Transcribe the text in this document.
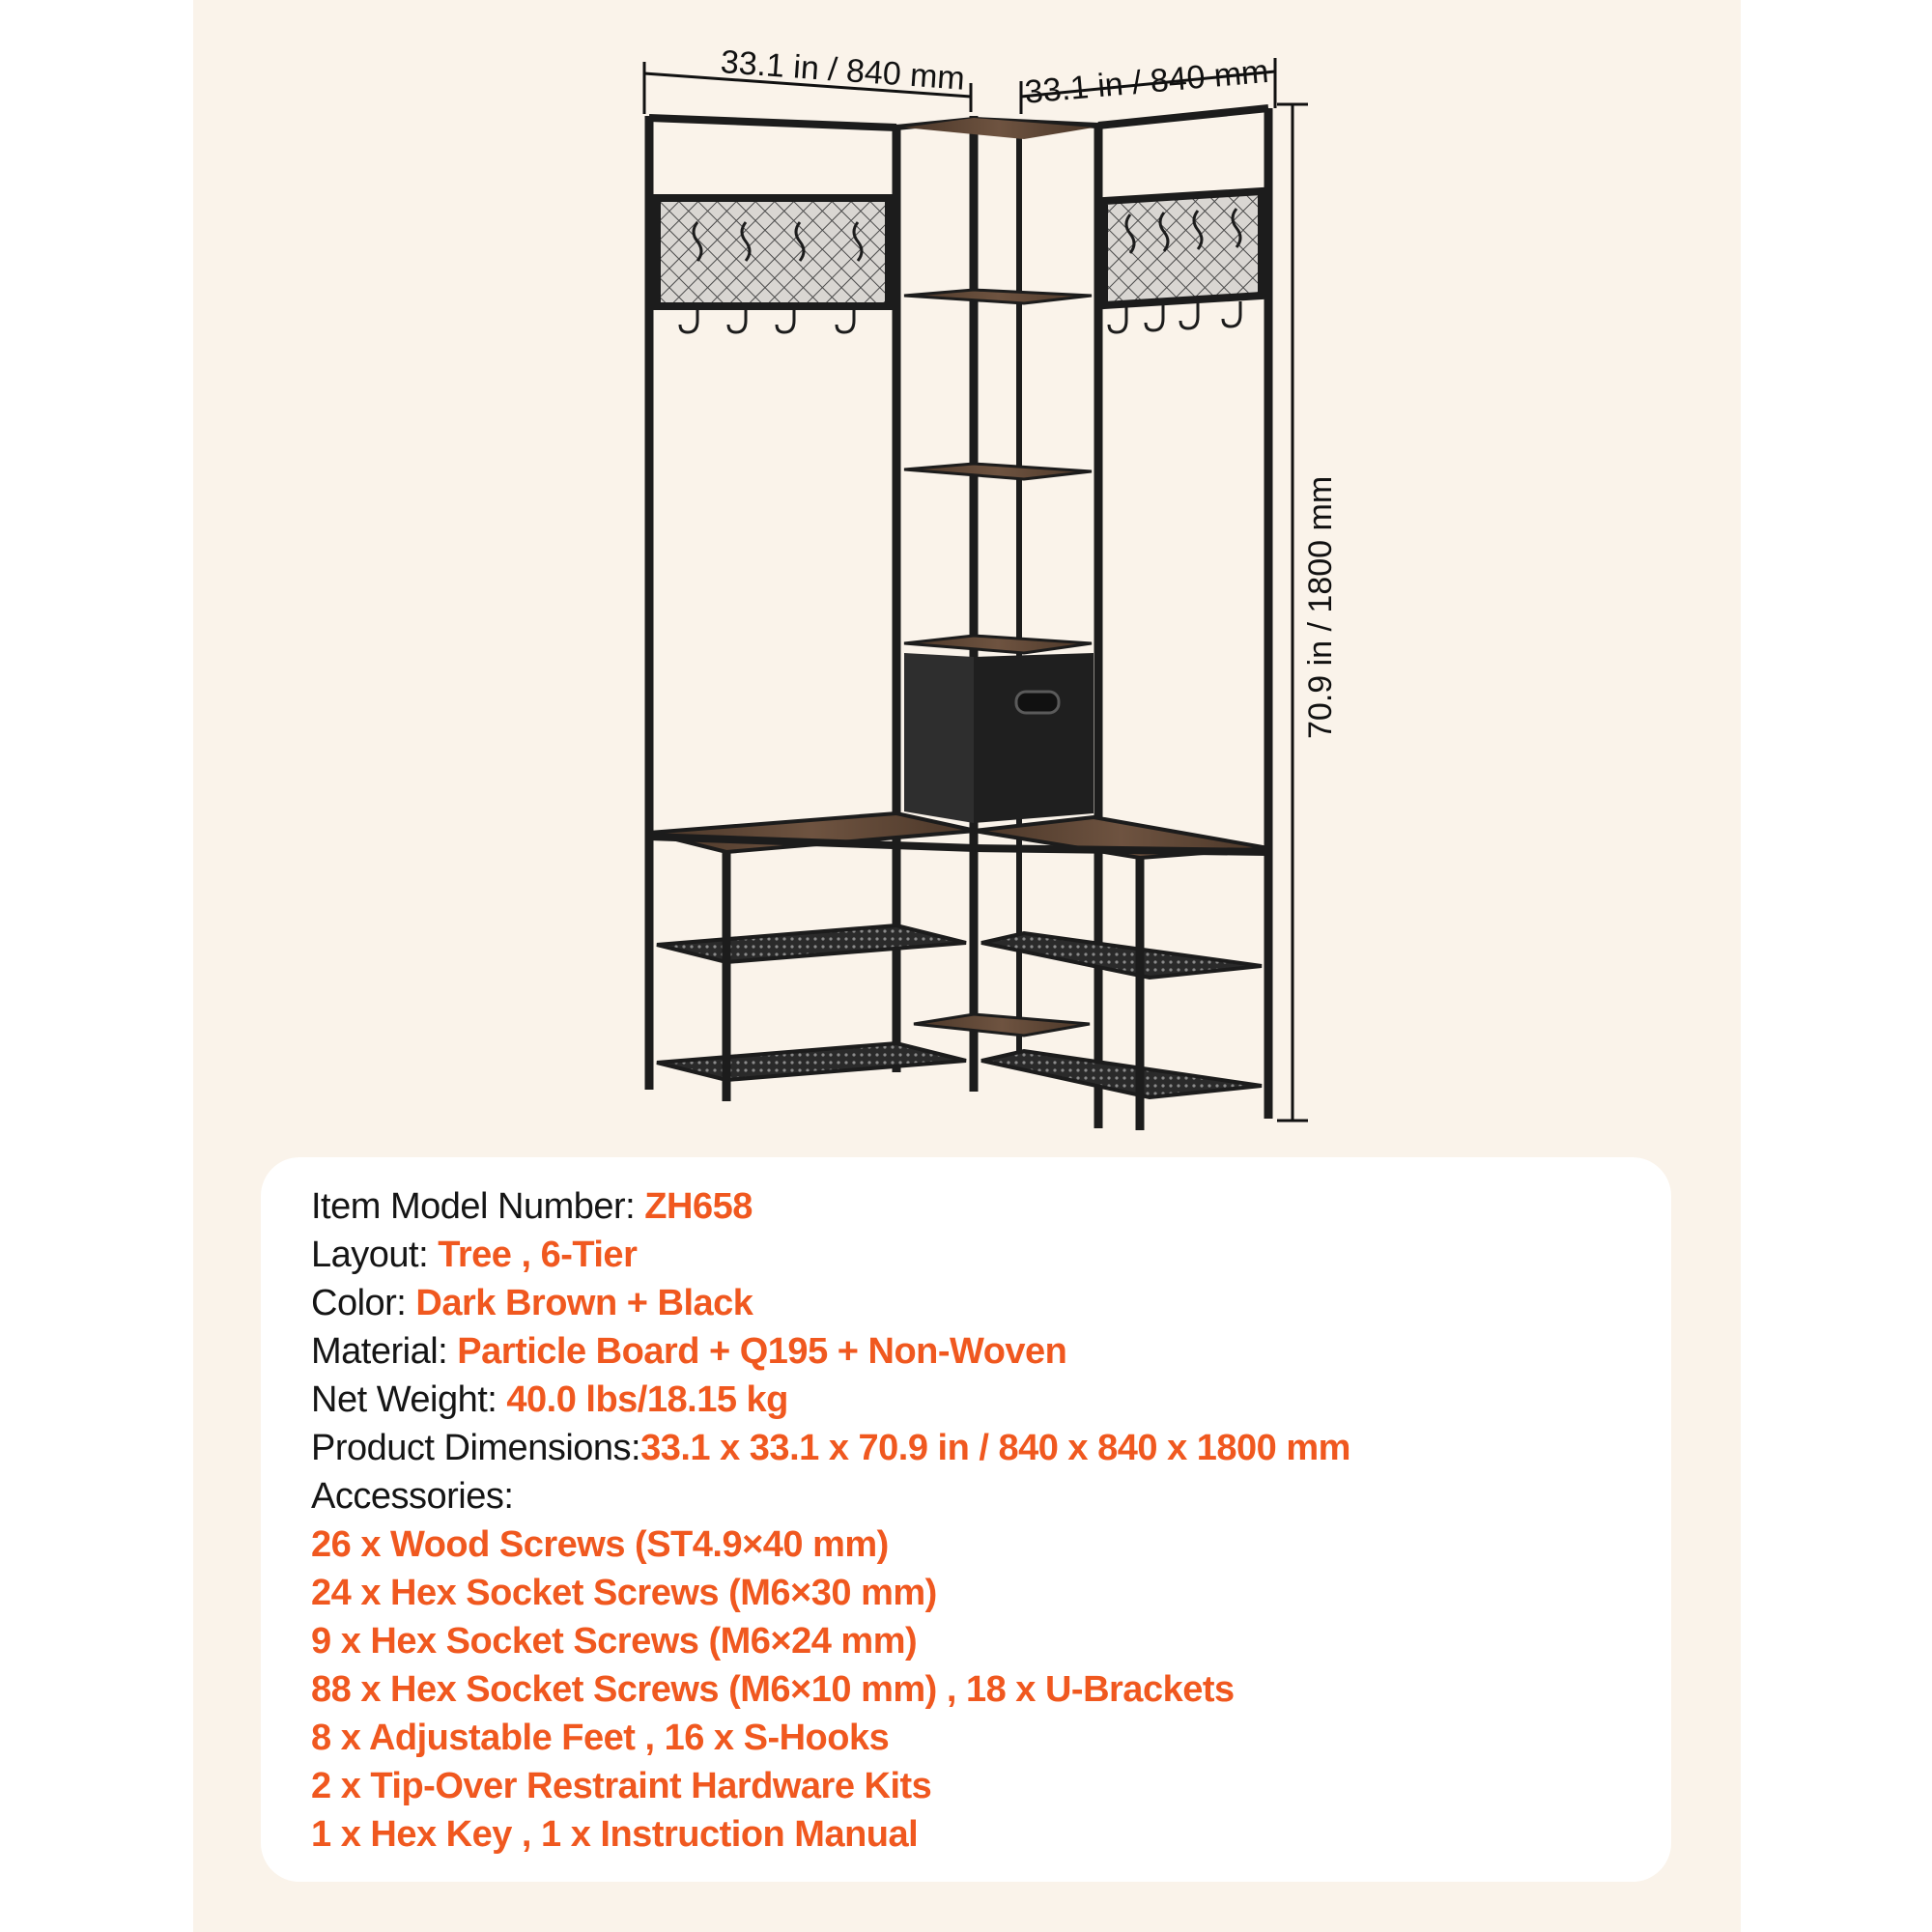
33.1 in / 840 mm 33.1 in / 840 mm
70.9 in / 1800 mm
Item Model Number: ZH658
Layout: Tree , 6-Tier
Color: Dark Brown + Black
Material: Particle Board + Q195 + Non-Woven
Net Weight: 40.0 lbs/18.15 kg
Product Dimensions:33.1 x 33.1 x 70.9 in / 840 x 840 x 1800 mm
Accessories:
26 x Wood Screws (ST4.9×40 mm)
24 x Hex Socket Screws (M6×30 mm)
9 x Hex Socket Screws (M6×24 mm)
88 x Hex Socket Screws (M6×10 mm) , 18 x U-Brackets
8 x Adjustable Feet , 16 x S-Hooks
2 x Tip-Over Restraint Hardware Kits
1 x Hex Key , 1 x Instruction Manual
